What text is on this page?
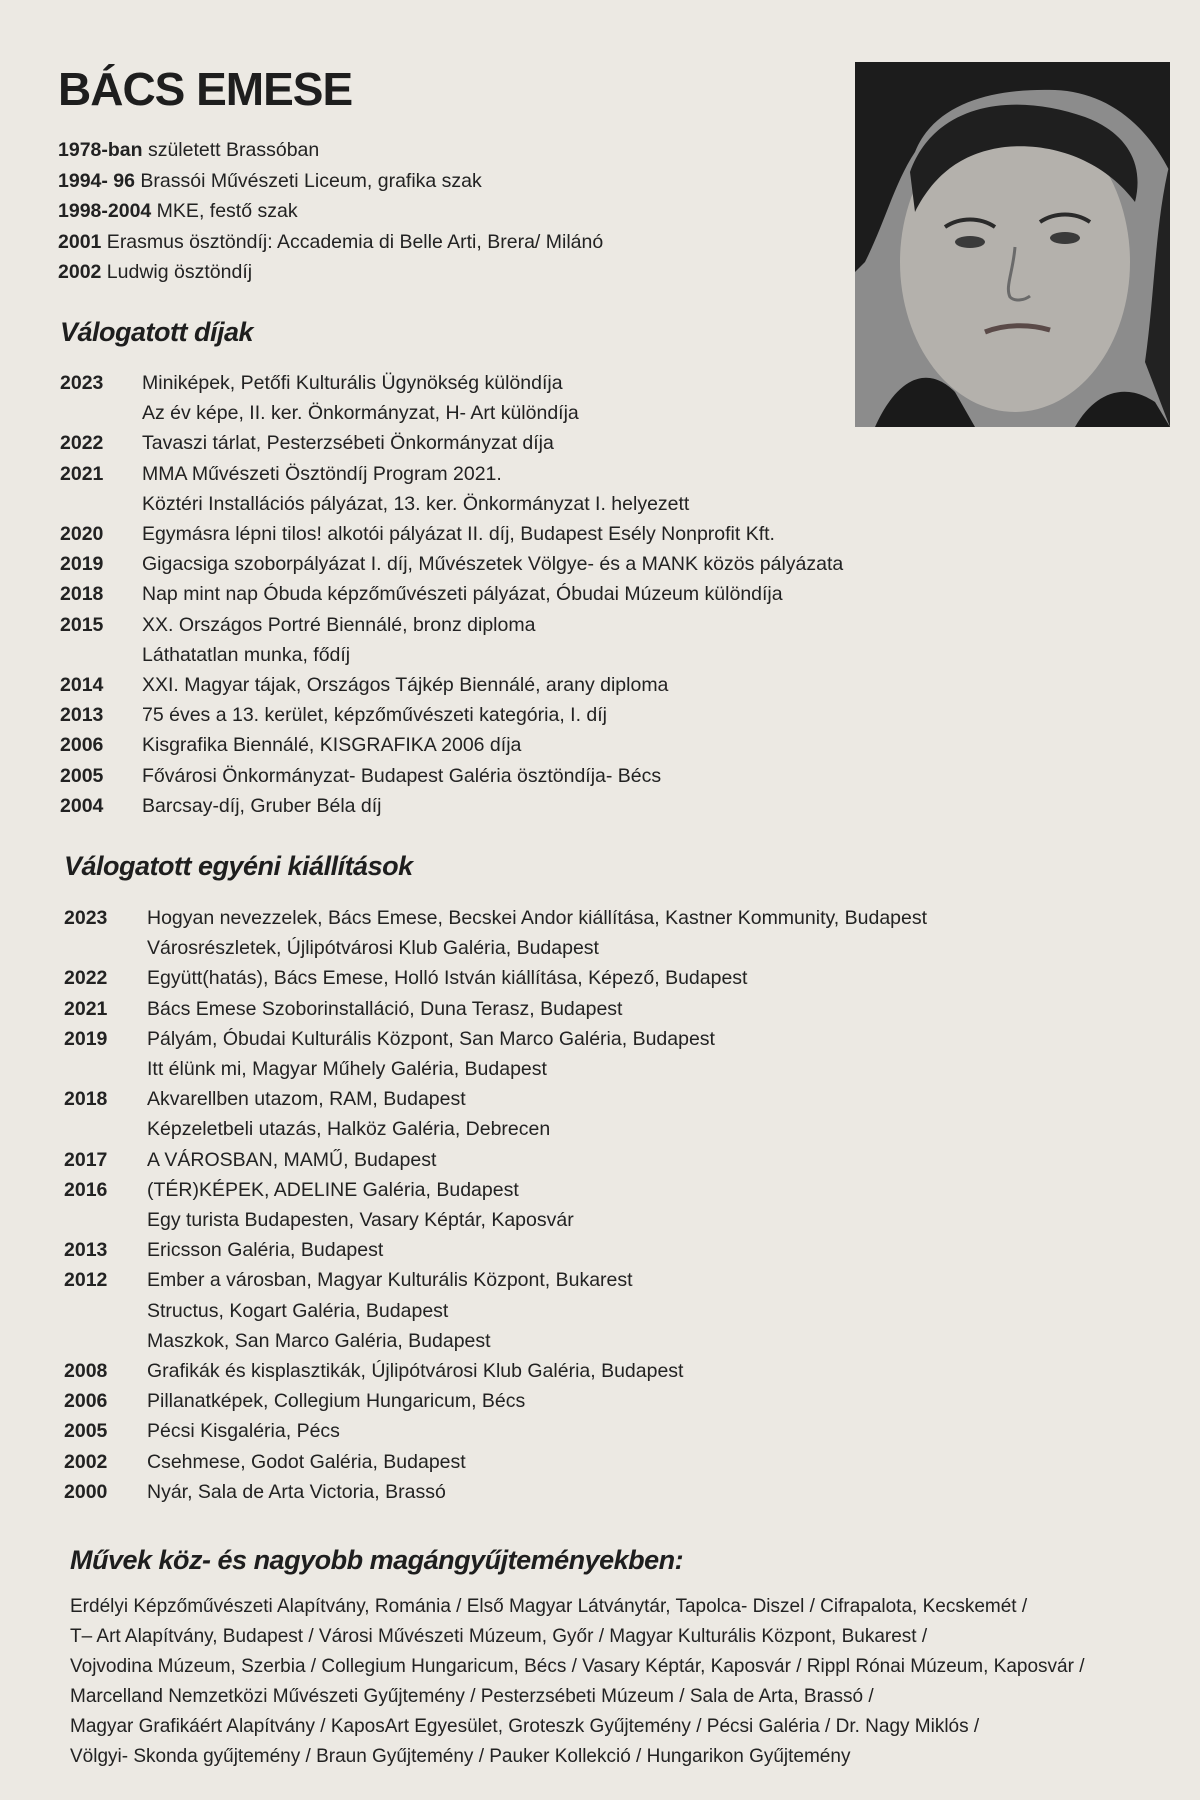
BÁCS EMESE
1978-ban született Brassóban
1994- 96 Brassói Művészeti Liceum, grafika szak
1998-2004 MKE, festő szak
2001 Erasmus ösztöndíj: Accademia di Belle Arti, Brera/ Milánó
2002 Ludwig ösztöndíj
Válogatott díjak
2023	Miniképek, Petőfi Kulturális Ügynökség különdíja
Az év képe, II. ker. Önkormányzat, H- Art különdíja
2022	Tavaszi tárlat, Pesterzsébeti Önkormányzat díja
2021	MMA Művészeti Ösztöndíj Program 2021.
Köztéri Installációs pályázat, 13. ker. Önkormányzat I. helyezett
2020	Egymásra lépni tilos! alkotói pályázat II. díj, Budapest Esély Nonprofit Kft.
2019	Gigacsiga szoborpályázat I. díj, Művészetek Völgye- és a MANK közös pályázata
2018	Nap mint nap Óbuda képzőművészeti pályázat, Óbudai Múzeum különdíja
2015	XX. Országos Portré Biennálé, bronz diploma
Láthatatlan munka, fődíj
2014	XXI. Magyar tájak, Országos Tájkép Biennálé, arany diploma
2013	75 éves a 13. kerület, képzőművészeti kategória, I. díj
2006	Kisgrafika Biennálé, KISGRAFIKA 2006 díja
2005	Fővárosi Önkormányzat- Budapest Galéria ösztöndíja- Bécs
2004	Barcsay-díj, Gruber Béla díj
Válogatott egyéni kiállítások
2023	Hogyan nevezzelek, Bács Emese, Becskei Andor kiállítása, Kastner Kommunity, Budapest
Városrészletek, Újlipótvárosi Klub Galéria, Budapest
2022	Együtt(hatás), Bács Emese, Holló István kiállítása, Képező, Budapest
2021	Bács Emese Szoborinstalláció, Duna Terasz, Budapest
2019	Pályám, Óbudai Kulturális Központ, San Marco Galéria, Budapest
Itt élünk mi, Magyar Műhely Galéria, Budapest
2018	Akvarellben utazom, RAM, Budapest
Képzeletbeli utazás, Halköz Galéria, Debrecen
2017	A VÁROSBAN, MAMŰ, Budapest
2016	(TÉR)KÉPEK, ADELINE Galéria, Budapest
Egy turista Budapesten, Vasary Képtár, Kaposvár
2013	Ericsson Galéria, Budapest
2012	Ember a városban, Magyar Kulturális Központ, Bukarest
Structus, Kogart Galéria, Budapest
Maszkok, San Marco Galéria, Budapest
2008	Grafikák és kisplasztikák, Újlipótvárosi Klub Galéria, Budapest
2006	Pillanatképek, Collegium Hungaricum, Bécs
2005	Pécsi Kisgaléria, Pécs
2002	Csehmese, Godot Galéria, Budapest
2000	Nyár, Sala de Arta Victoria, Brassó
Művek köz- és nagyobb magángyűjteményekben:
Erdélyi Képzőművészeti Alapítvány, Románia / Első Magyar Látványtár, Tapolca- Diszel / Cifrapalota, Kecskemét /
T– Art Alapítvány, Budapest / Városi Művészeti Múzeum, Győr / Magyar Kulturális Központ, Bukarest /
Vojvodina Múzeum, Szerbia / Collegium Hungaricum, Bécs / Vasary Képtár, Kaposvár / Rippl Rónai Múzeum, Kaposvár /
Marcelland Nemzetközi Művészeti Gyűjtemény / Pesterzsébeti Múzeum / Sala de Arta, Brassó /
Magyar Grafikáért Alapítvány / KaposArt Egyesület, Groteszk Gyűjtemény / Pécsi Galéria / Dr. Nagy Miklós /
Völgyi- Skonda gyűjtemény / Braun Gyűjtemény / Pauker Kollekció / Hungarikon Gyűjtemény
